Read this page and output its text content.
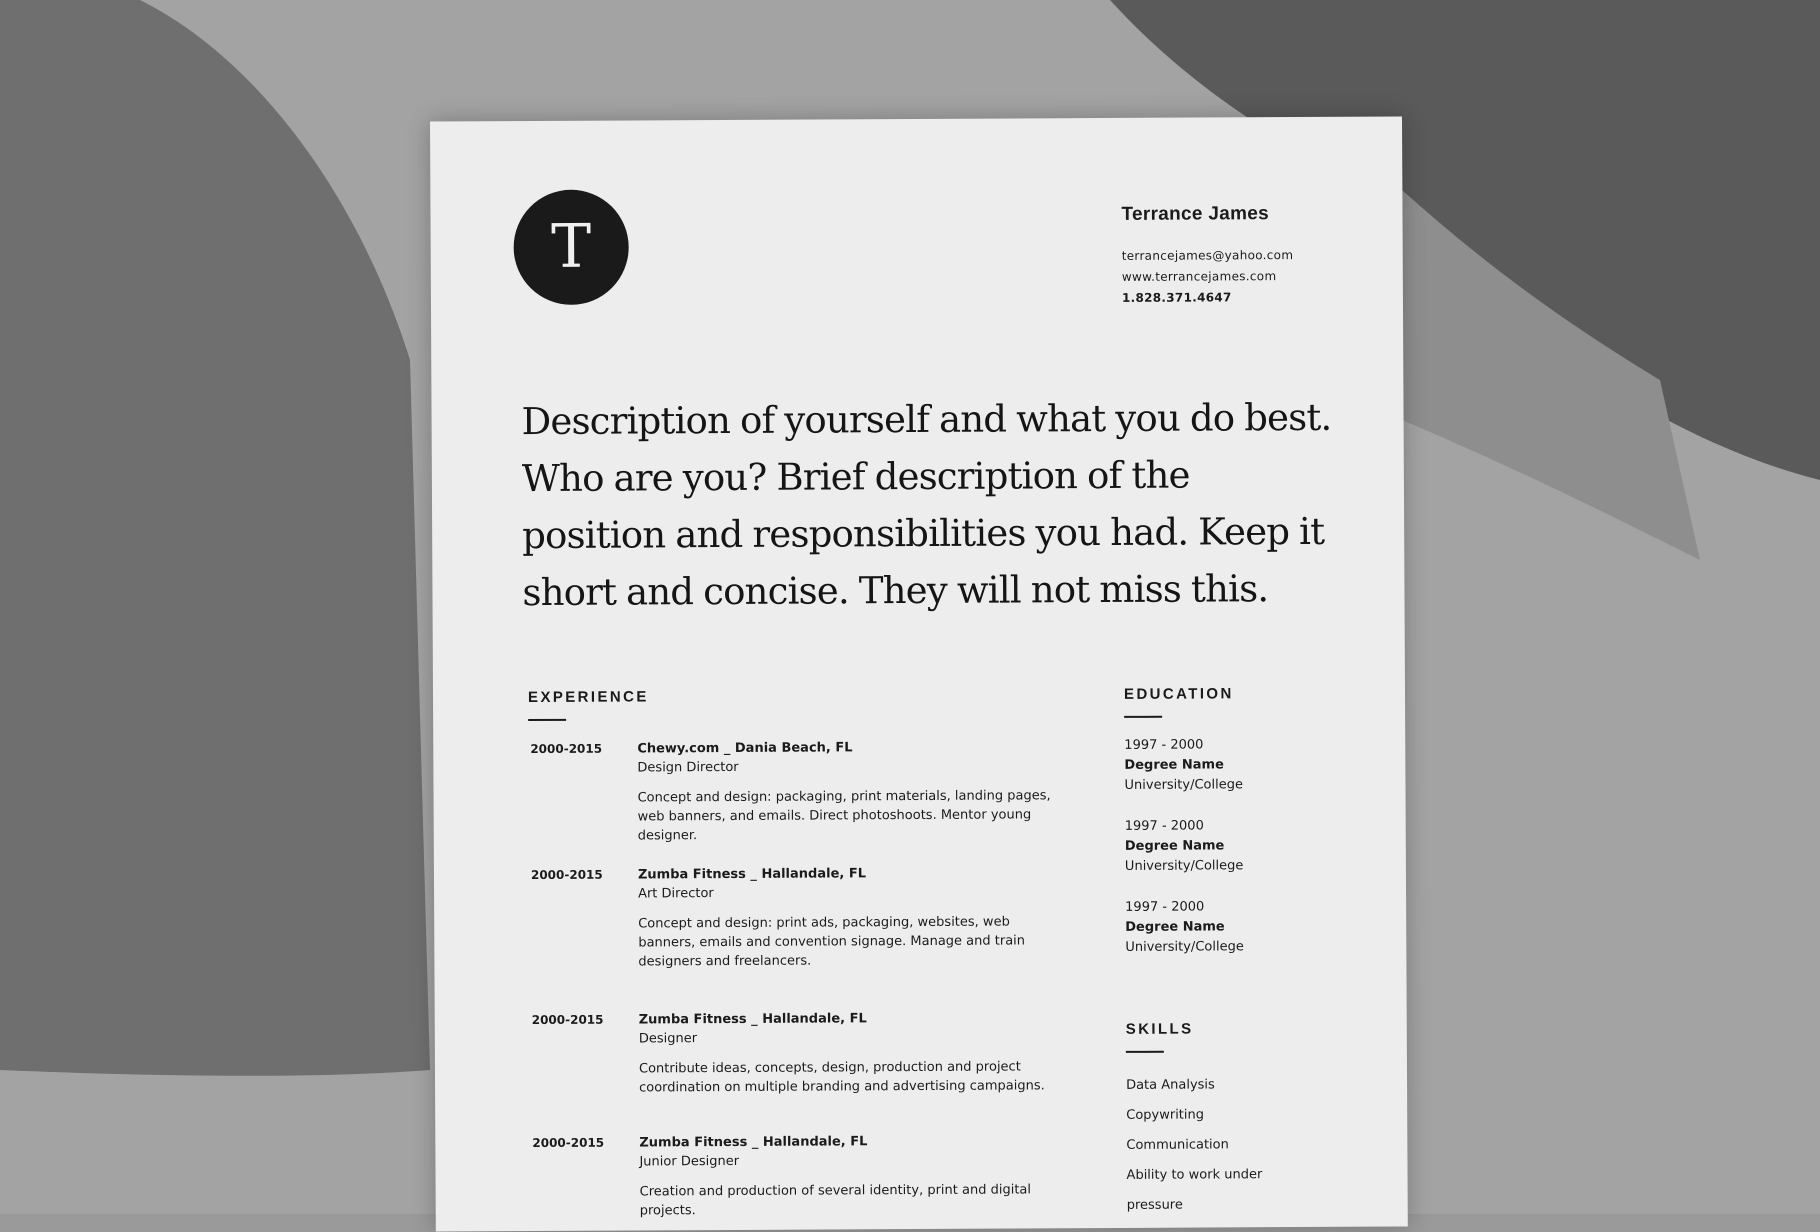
T	Terrance James
terrancejames@yahoo.com
www.terrancejames.com
1.828.371.4647
Description of yourself and what you do best. Who are you? Brief description of the position and responsibilities you had. Keep it short and concise. They will not miss this.
EXPERIENCE
2000-2015	Chewy.com _ Dania Beach, FL
Design Director
Concept and design: packaging, print materials, landing pages, web banners, and emails. Direct photoshoots. Mentor young designer.
2000-2015	Zumba Fitness _ Hallandale, FL
Art Director
Concept and design: print ads, packaging, websites, web banners, emails and convention signage. Manage and train designers and freelancers.
2000-2015	Zumba Fitness _ Hallandale, FL
Designer
Contribute ideas, concepts, design, production and project coordination on multiple branding and advertising campaigns.
2000-2015	Zumba Fitness _ Hallandale, FL
Junior Designer
Creation and production of several identity, print and digital projects.
EDUCATION
1997 - 2000
Degree Name
University/College
1997 - 2000
Degree Name
University/College
1997 - 2000
Degree Name
University/College
SKILLS
Data Analysis
Copywriting
Communication
Ability to work under
pressure
